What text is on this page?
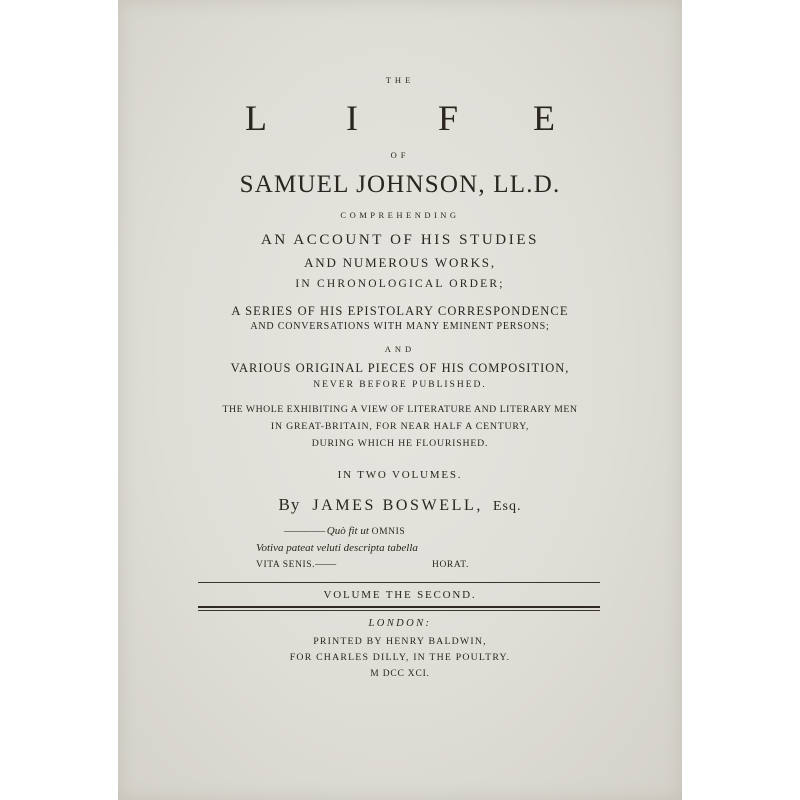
THE
L I F E
OF
SAMUEL JOHNSON, LL.D.
COMPREHENDING
AN ACCOUNT OF HIS STUDIES
AND NUMEROUS WORKS,
IN CHRONOLOGICAL ORDER;
A SERIES OF HIS EPISTOLARY CORRESPONDENCE
AND CONVERSATIONS WITH MANY EMINENT PERSONS;
AND
VARIOUS ORIGINAL PIECES OF HIS COMPOSITION,
NEVER BEFORE PUBLISHED.
THE WHOLE EXHIBITING A VIEW OF LITERATURE AND LITERARY MEN
IN GREAT-BRITAIN, FOR NEAR HALF A CENTURY,
DURING WHICH HE FLOURISHED.
IN TWO VOLUMES.
By JAMES BOSWELL, Esq.
———— Quò fit ut OMNIS
Votiva pateat veluti descripta tabella
VITA SENIS.——	HORAT.
VOLUME THE SECOND.
LONDON:
PRINTED BY HENRY BALDWIN,
FOR CHARLES DILLY, IN THE POULTRY.
M DCC XCI.
